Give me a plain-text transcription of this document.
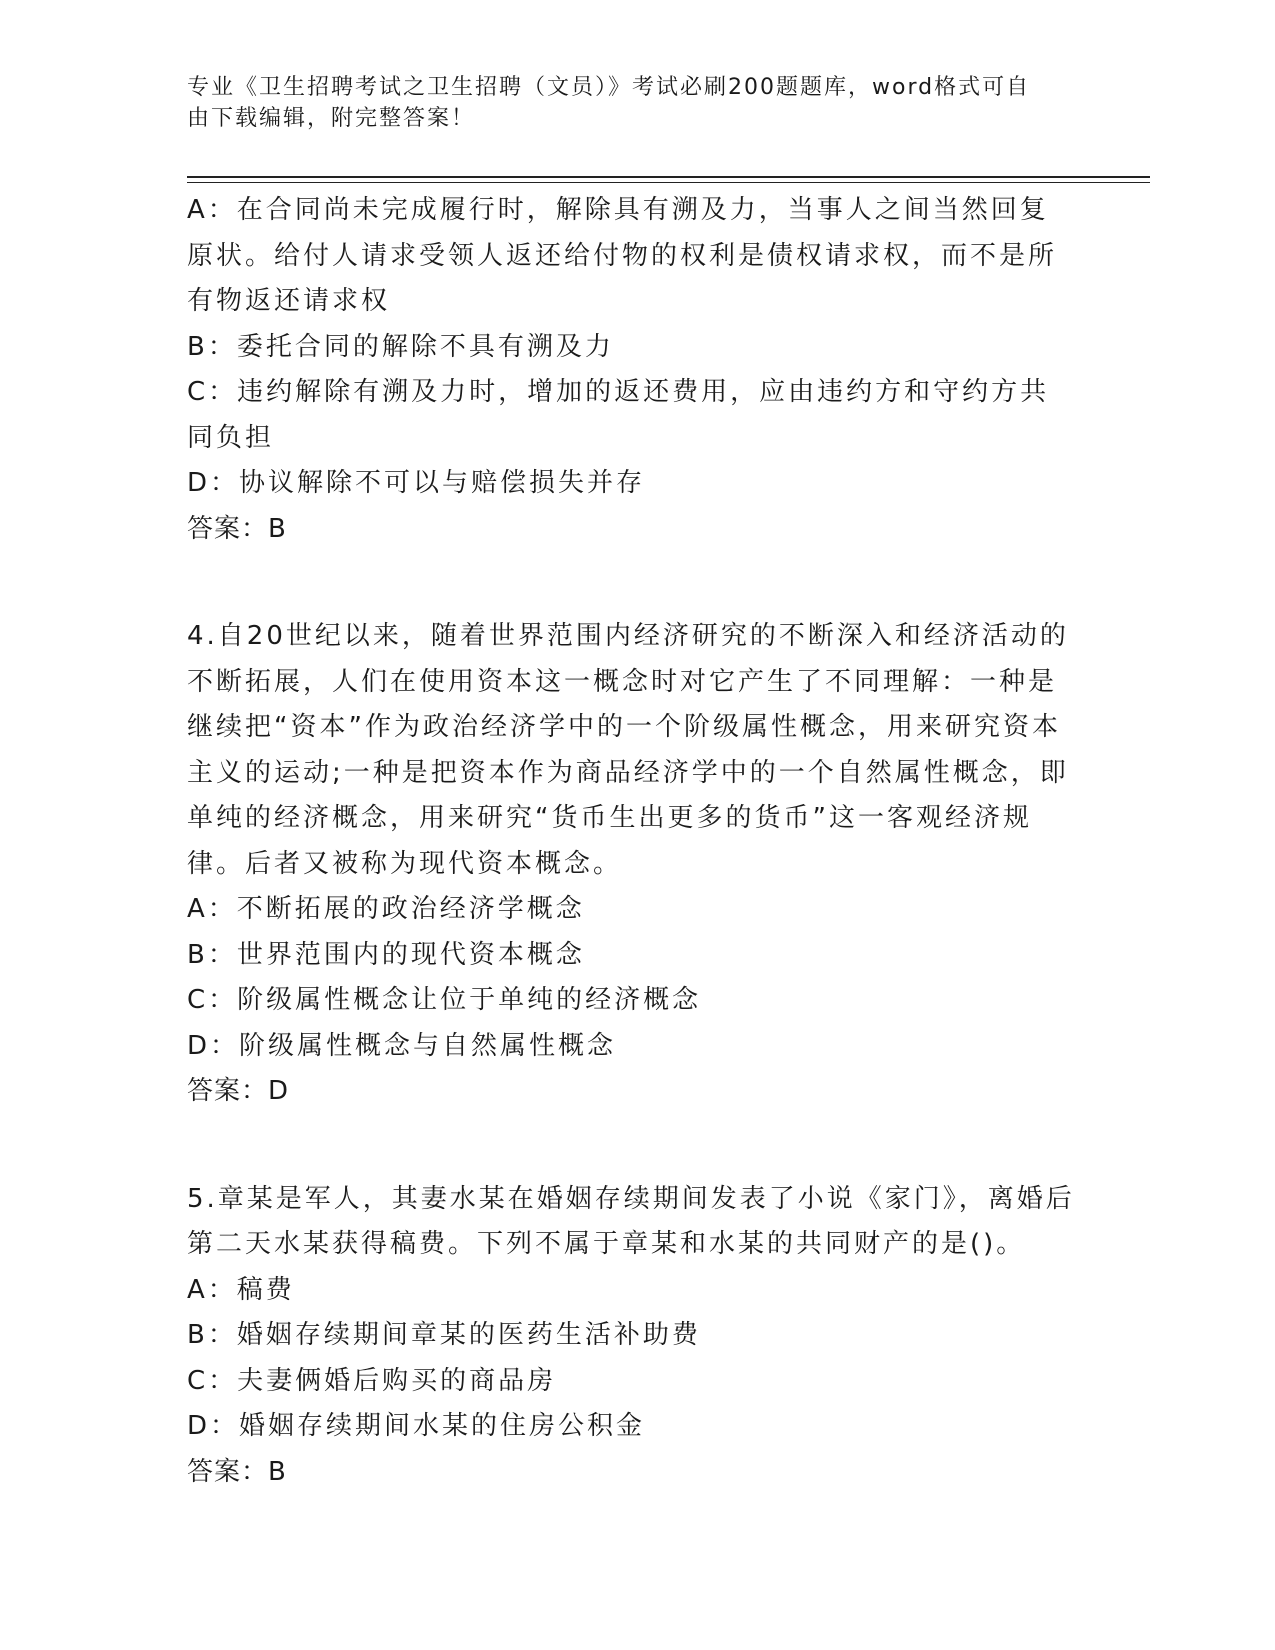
专业《卫生招聘考试之卫生招聘（文员）》考试必刷200题题库，word格式可自
由下载编辑，附完整答案！

A：在合同尚未完成履行时，解除具有溯及力，当事人之间当然回复原状。给付人请求受领人返还给付物的权利是债权请求权，而不是所有物返还请求权

B：委托合同的解除不具有溯及力

C：违约解除有溯及力时，增加的返还费用，应由违约方和守约方共同负担

D：协议解除不可以与赔偿损失并存

答案：B

4.自20世纪以来，随着世界范围内经济研究的不断深入和经济活动的不断拓展，人们在使用资本这一概念时对它产生了不同理解：一种是继续把“资本”作为政治经济学中的一个阶级属性概念，用来研究资本主义的运动;一种是把资本作为商品经济学中的一个自然属性概念，即单纯的经济概念，用来研究“货币生出更多的货币”这一客观经济规律。后者又被称为现代资本概念。

A：不断拓展的政治经济学概念

B：世界范围内的现代资本概念

C：阶级属性概念让位于单纯的经济概念

D：阶级属性概念与自然属性概念

答案：D

5.章某是军人，其妻水某在婚姻存续期间发表了小说《家门》，离婚后第二天水某获得稿费。下列不属于章某和水某的共同财产的是()。

A：稿费

B：婚姻存续期间章某的医药生活补助费

C：夫妻俩婚后购买的商品房

D：婚姻存续期间水某的住房公积金

答案：B
